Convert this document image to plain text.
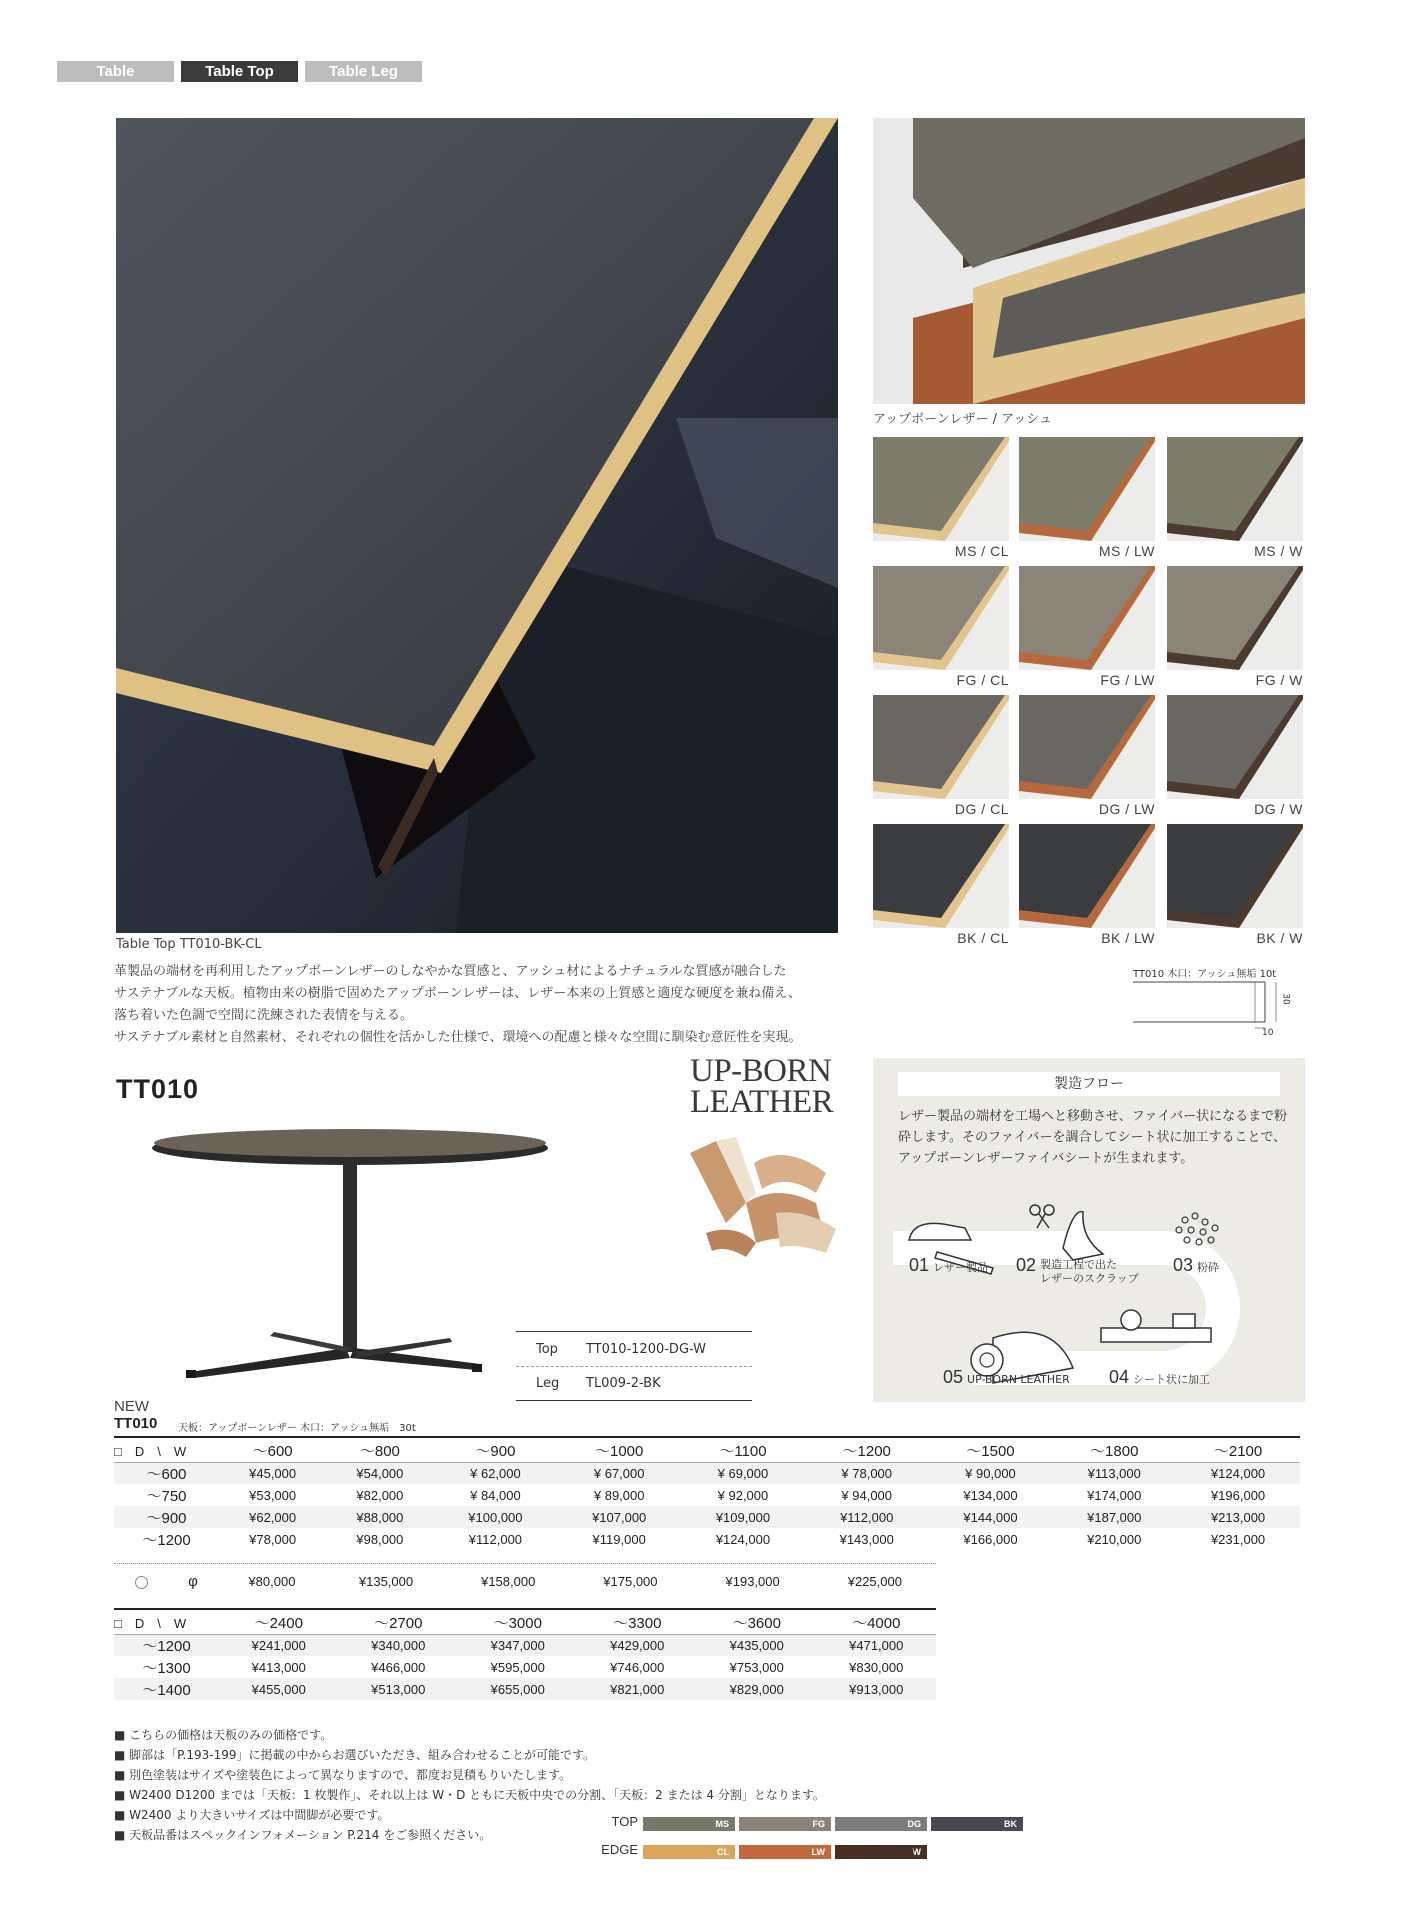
Table	Table Top	Table Leg
Table Top TT010-BK-CL
革製品の端材を再利用したアップボーンレザーのしなやかな質感と、アッシュ材によるナチュラルな質感が融合した
サステナブルな天板。植物由来の樹脂で固めたアップボーンレザーは、レザー本来の上質感と適度な硬度を兼ね備え、
落ち着いた色調で空間に洗練された表情を与える。
サステナブル素材と自然素材、それぞれの個性を活かした仕様で、環境への配慮と様々な空間に馴染む意匠性を実現。
アップボーンレザー / アッシュ
MS / CL	MS / LW	MS / W
FG / CL	FG / LW	FG / W
DG / CL	DG / LW	DG / W
BK / CL	BK / LW	BK / W
TT010 木口：アッシュ無垢 10t
30
10
TT010	UP-BORN
LEATHER
Top	TT010-1200-DG-W
Leg	TL009-2-BK
製造フロー
レザー製品の端材を工場へと移動させ、ファイバー状になるまで粉砕します。そのファイバーを調合してシート状に加工することで、アップボーンレザーファイバシートが生まれます。
01 レザー製品 02 製造工程で出た
レザーのスクラップ
03 粉砕
04 シート状に加工
05 UP-BORN LEATHER
NEW
TT010 天板：アップボーンレザー 木口：アッシュ無垢　30t
□　D　\　W	～600	～800	～900	～1000	～1100	～1200	～1500	～1800	～2100
～600	¥45,000	¥54,000	¥ 62,000	¥ 67,000	¥ 69,000	¥ 78,000	¥ 90,000	¥113,000	¥124,000
～750	¥53,000	¥82,000	¥ 84,000	¥ 89,000	¥ 92,000	¥ 94,000	¥134,000	¥174,000	¥196,000
～900	¥62,000	¥88,000	¥100,000	¥107,000	¥109,000	¥112,000	¥144,000	¥187,000	¥213,000
～1200	¥78,000	¥98,000	¥112,000	¥119,000	¥124,000	¥143,000	¥166,000	¥210,000	¥231,000
φ	¥80,000	¥135,000	¥158,000	¥175,000	¥193,000	¥225,000
□　D　\　W	～2400	～2700	～3000	～3300	～3600	～4000
～1200	¥241,000	¥340,000	¥347,000	¥429,000	¥435,000	¥471,000
～1300	¥413,000	¥466,000	¥595,000	¥746,000	¥753,000	¥830,000
～1400	¥455,000	¥513,000	¥655,000	¥821,000	¥829,000	¥913,000
■ こちらの価格は天板のみの価格です。
■ 脚部は「P.193-199」に掲載の中からお選びいただき、組み合わせることが可能です。
■ 別色塗装はサイズや塗装色によって異なりますので、都度お見積もりいたします。
■ W2400 D1200 までは「天板：1 枚製作」、それ以上は W・D ともに天板中央での分割、「天板：2 または 4 分割」となります。
■ W2400 より大きいサイズは中間脚が必要です。
■ 天板品番はスペックインフォメーション P.214 をご参照ください。
TOP
EDGE
MS	FG	DG	BK
CL	LW	W
別色可能
